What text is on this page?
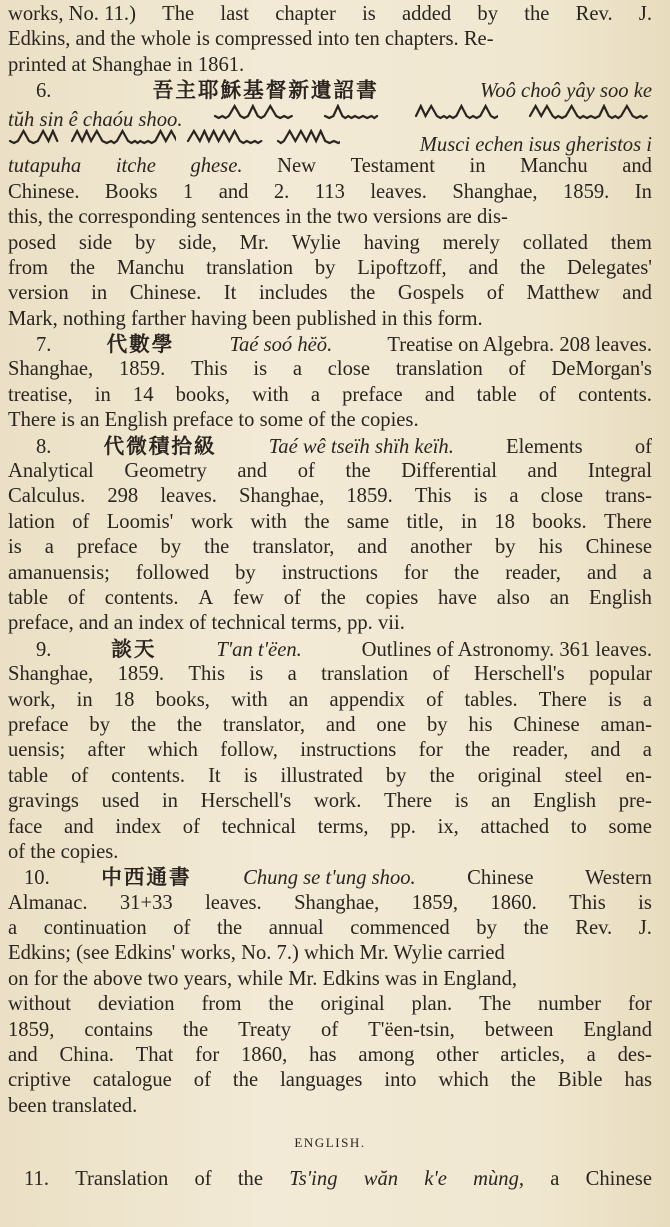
works, No. 11.) The last chapter is added by the Rev. J.
Edkins, and the whole is compressed into ten chapters. Re-
printed at Shanghae in 1861.
6.	吾主耶穌基督新遺詔書	Woô choô yây soo ke
tŭh sin ê chaóu shoo.
Musci echen isus gheristos i
tutapuha itche ghese. New Testament in Manchu and
Chinese. Books 1 and 2. 113 leaves. Shanghae, 1859. In
this, the corresponding sentences in the two versions are dis-
posed side by side, Mr. Wylie having merely collated them
from the Manchu translation by Lipoftzoff, and the Delegates'
version in Chinese. It includes the Gospels of Matthew and
Mark, nothing farther having been published in this form.
7.	代數學	Taé soó hëŏ.	Treatise on Algebra. 208 leaves.
Shanghae, 1859. This is a close translation of DeMorgan's
treatise, in 14 books, with a preface and table of contents.
There is an English preface to some of the copies.
8.	代微積拾級	Taé wê tseïh shïh keïh.	Elements	of
Analytical Geometry and of the Differential and Integral
Calculus. 298 leaves. Shanghae, 1859. This is a close trans-
lation of Loomis' work with the same title, in 18 books. There
is a preface by the translator, and another by his Chinese
amanuensis; followed by instructions for the reader, and a
table of contents. A few of the copies have also an English
preface, and an index of technical terms, pp. vii.
9.	談天	T'an t'ëen.	Outlines of Astronomy. 361 leaves.
Shanghae, 1859. This is a translation of Herschell's popular
work, in 18 books, with an appendix of tables. There is a
preface by the the translator, and one by his Chinese aman-
uensis; after which follow, instructions for the reader, and a
table of contents. It is illustrated by the original steel en-
gravings used in Herschell's work. There is an English pre-
face and index of technical terms, pp. ix, attached to some
of the copies.
10. 中西通書 Chung se t'ung shoo. Chinese Western
Almanac. 31+33 leaves. Shanghae, 1859, 1860. This is
a continuation of the annual commenced by the Rev. J.
Edkins; (see Edkins' works, No. 7.) which Mr. Wylie carried
on for the above two years, while Mr. Edkins was in England,
without deviation from the original plan. The number for
1859, contains the Treaty of T'ëen-tsin, between England
and China. That for 1860, has among other articles, a des-
criptive catalogue of the languages into which the Bible has
been translated.
ENGLISH.
11. Translation of the Ts'ing wăn k'e mùng, a Chinese
